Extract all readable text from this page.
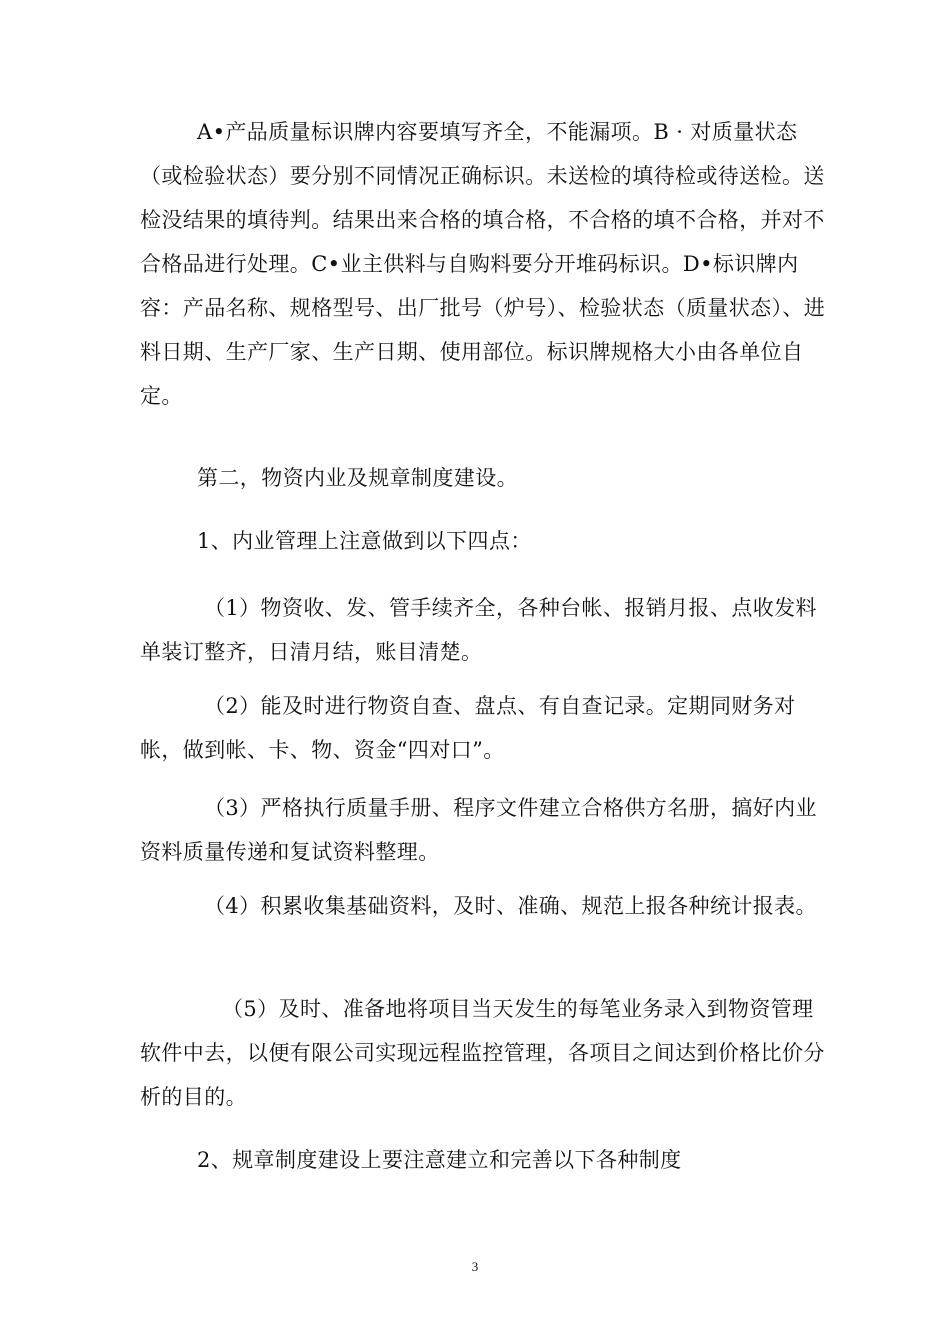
A•产品质量标识牌内容要填写齐全，不能漏项。B · 对质量状态（或检验状态）要分别不同情况正确标识。未送检的填待检或待送检。送检没结果的填待判。结果出来合格的填合格，不合格的填不合格，并对不合格品进行处理。C•业主供料与自购料要分开堆码标识。D•标识牌内容：产品名称、规格型号、出厂批号（炉号）、检验状态（质量状态）、进料日期、生产厂家、生产日期、使用部位。标识牌规格大小由各单位自定。

第二，物资内业及规章制度建设。

1、内业管理上注意做到以下四点：

（1）物资收、发、管手续齐全，各种台帐、报销月报、点收发料单装订整齐，日清月结，账目清楚。

（2）能及时进行物资自查、盘点、有自查记录。定期同财务对帐，做到帐、卡、物、资金“四对口”。

（3）严格执行质量手册、程序文件建立合格供方名册，搞好内业资料质量传递和复试资料整理。

（4）积累收集基础资料，及时、准确、规范上报各种统计报表。

（5）及时、准备地将项目当天发生的每笔业务录入到物资管理软件中去，以便有限公司实现远程监控管理，各项目之间达到价格比价分析的目的。

2、规章制度建设上要注意建立和完善以下各种制度

3
